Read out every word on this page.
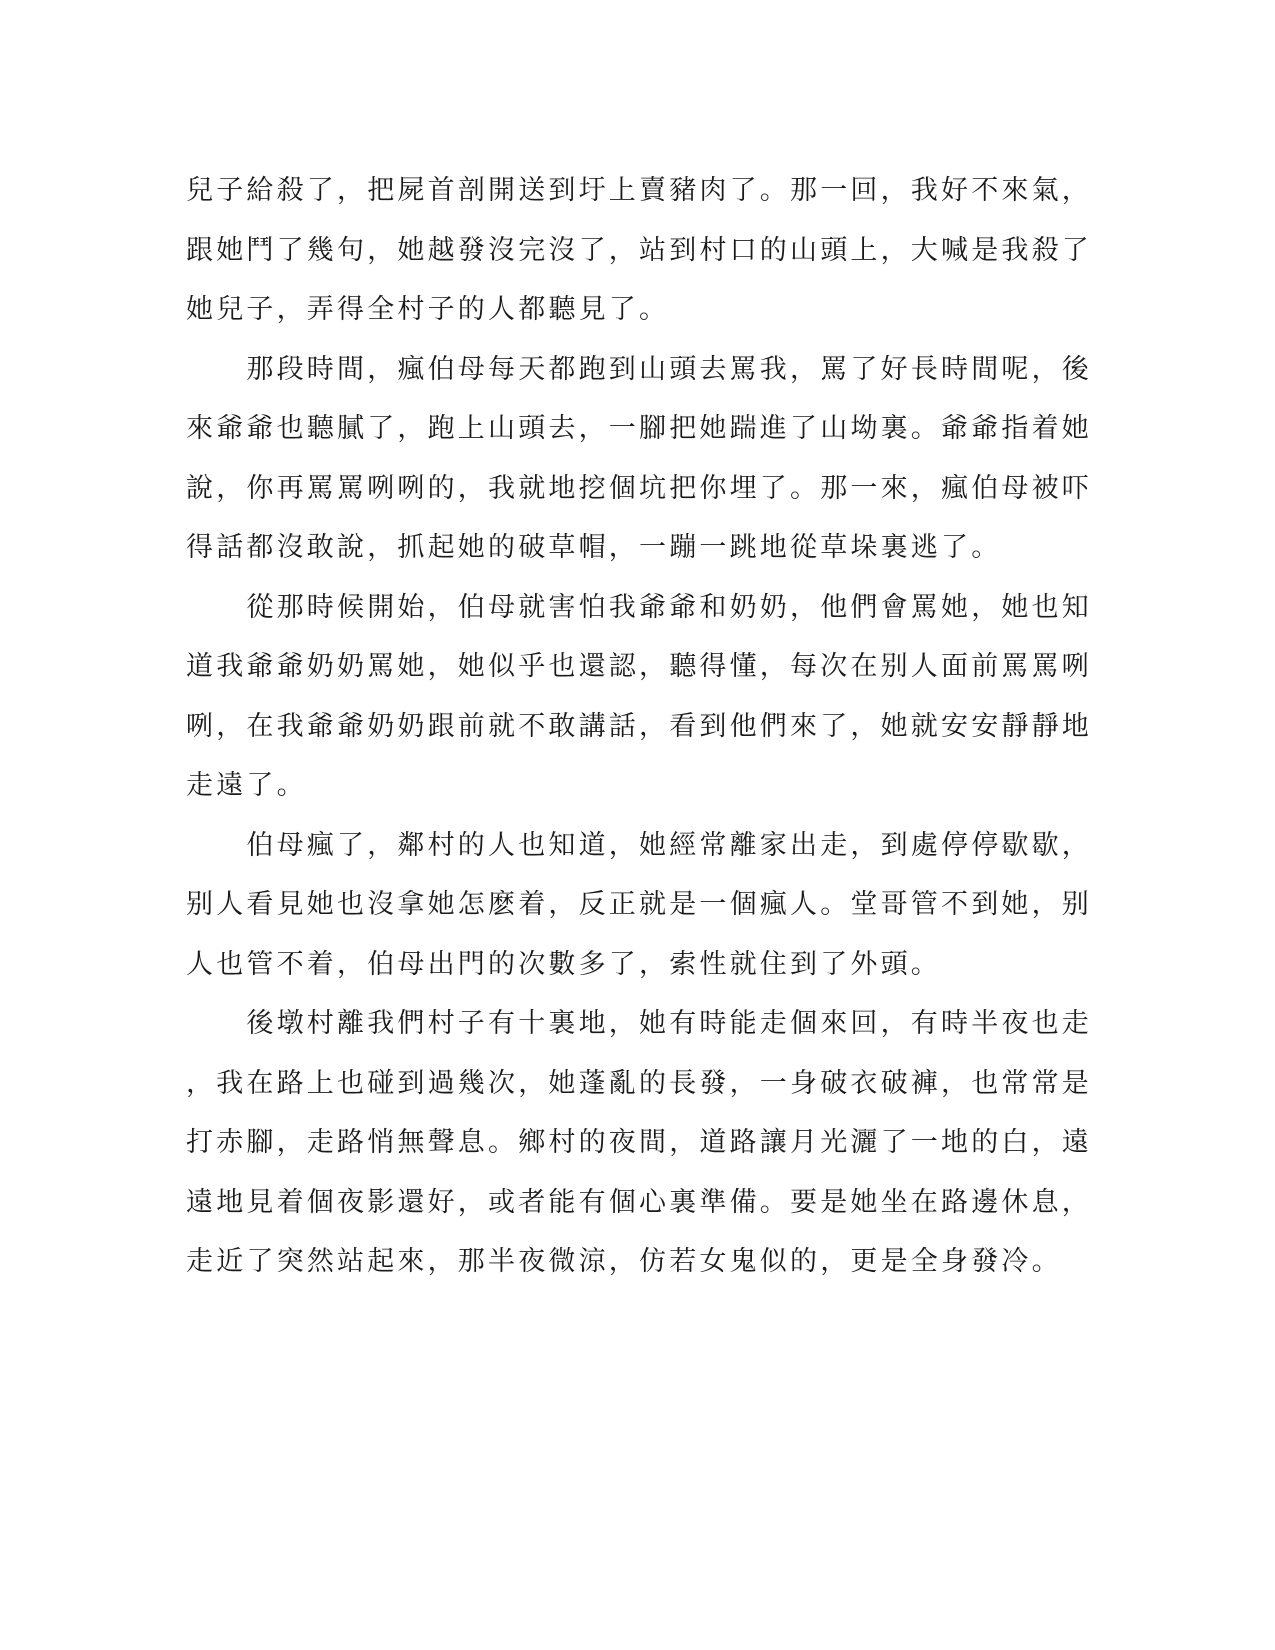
兒子給殺了，把屍首剖開送到圩上賣豬肉了。那一回，我好不來氣，
跟她鬥了幾句，她越發沒完沒了，站到村口的山頭上，大喊是我殺了
她兒子，弄得全村子的人都聽見了。
　　那段時間，瘋伯母每天都跑到山頭去罵我，罵了好長時間呢，後
來爺爺也聽膩了，跑上山頭去，一腳把她踹進了山坳裏。爺爺指着她
說，你再罵罵咧咧的，我就地挖個坑把你埋了。那一來，瘋伯母被吓
得話都沒敢說，抓起她的破草帽，一蹦一跳地從草垛裏逃了。
　　從那時候開始，伯母就害怕我爺爺和奶奶，他們會罵她，她也知
道我爺爺奶奶罵她，她似乎也還認，聽得懂，每次在别人面前罵罵咧
咧，在我爺爺奶奶跟前就不敢講話，看到他們來了，她就安安靜靜地
走遠了。
　　伯母瘋了，鄰村的人也知道，她經常離家出走，到處停停歇歇，
别人看見她也沒拿她怎麽着，反正就是一個瘋人。堂哥管不到她，别
人也管不着，伯母出門的次數多了，索性就住到了外頭。
　　後墩村離我們村子有十裏地，她有時能走個來回，有時半夜也走
，我在路上也碰到過幾次，她蓬亂的長發，一身破衣破褲，也常常是
打赤腳，走路悄無聲息。鄉村的夜間，道路讓月光灑了一地的白，遠
遠地見着個夜影還好，或者能有個心裏準備。要是她坐在路邊休息，
走近了突然站起來，那半夜微涼，仿若女鬼似的，更是全身發冷。
